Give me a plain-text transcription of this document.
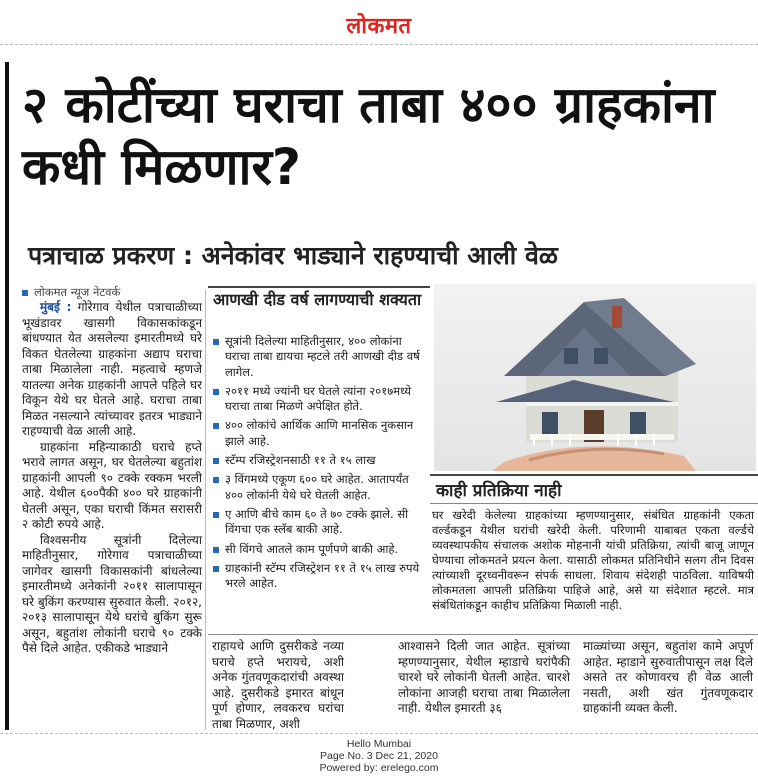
लोकमत
२ कोटींच्या घराचा ताबा ४०० ग्राहकांना कधी मिळणार?
पत्राचाळ प्रकरण : अनेकांवर भाड्याने राहण्याची आली वेळ
लोकमत न्यूज नेटवर्क

मुंबई : गोरेगाव येथील पत्राचाळीच्या भूखंडावर खासगी विकासकांकडून बांधण्यात येत असलेल्या इमारतीमध्ये घरे विकत घेतलेल्या ग्राहकांना अद्याप घराचा ताबा मिळालेला नाही. महत्वाचे म्हणजे यातल्या अनेक ग्राहकांनी आपले पहिले घर विकून येथे घर घेतले आहे. घराचा ताबा मिळत नसल्याने त्यांच्यावर इतरत्र भाड्याने राहण्याची वेळ आली आहे.

ग्राहकांना महिन्याकाठी घराचे हप्ते भरावे लागत असून, घर घेतलेल्या बहुतांश ग्राहकांनी आपली ९० टक्के रक्कम भरली आहे. येथील ६००पैकी ४०० घरे ग्राहकांनी घेतली असून, एका घराची किंमत सरासरी २ कोटी रुपये आहे.

विश्वसनीय सूत्रांनी दिलेल्या माहितीनुसार, गोरेगाव पत्राचाळीच्या जागेवर खासगी विकासकांनी बांधलेल्या इमारतीमध्ये अनेकांनी २०११ सालापासून घरे बुकिंग करण्यास सुरुवात केली. २०१२, २०१३ सालापासून येथे घरांचे बुकिंग सुरू असून, बहुतांश लोकांनी घराचे ९० टक्के पैसे दिले आहेत. एकीकडे भाड्याने

आणखी दीड वर्ष लागण्याची शक्यता
सूत्रांनी दिलेल्या माहितीनुसार, ४०० लोकांना घराचा ताबा द्यायचा म्हटले तरी आणखी दीड वर्ष लागेल.
२०११ मध्ये ज्यांनी घर घेतले त्यांना २०१७मध्ये घराचा ताबा मिळणे अपेक्षित होते.
४०० लोकांचे आर्थिक आणि मानसिक नुकसान झाले आहे.
स्टॅम्प रजिस्ट्रेशनसाठी ११ ते १५ लाख
३ विंगमध्ये एकूण ६०० घरे आहेत. आतापर्यंत ४०० लोकांनी येथे घरे घेतली आहेत.
ए आणि बीचे काम ६० ते ७० टक्के झाले. सी विंगचा एक स्लॅब बाकी आहे.
सी विंगचे आतले काम पूर्णपणे बाकी आहे.
ग्राहकांनी स्टॅम्प रजिस्ट्रेशन ११ ते १५ लाख रुपये भरले आहेत.
काही प्रतिक्रिया नाही
घर खरेदी केलेल्या ग्राहकांच्या म्हणण्यानुसार, संबंधित ग्राहकांनी एकता वर्ल्डकडून येथील घरांची खरेदी केली. परिणामी याबाबत एकता वर्ल्डचे व्यवस्थापकीय संचालक अशोक मोहनानी यांची प्रतिक्रिया, त्यांची बाजू जाणून घेण्याचा लोकमतने प्रयत्न केला. यासाठी लोकमत प्रतिनिधीने सलग तीन दिवस त्यांच्याशी दूरध्वनीवरून संपर्क साधला. शिवाय संदेशही पाठविला. याविषयी लोकमतला आपली प्रतिक्रिया पाहिजे आहे, असे या संदेशात म्हटले. मात्र संबंधितांकडून काहीच प्रतिक्रिया मिळाली नाही.
राहायचे आणि दुसरीकडे नव्या घराचे हप्ते भरायचे, अशी अनेक गुंतवणूकदारांची अवस्था आहे. दुसरीकडे इमारत बांधून पूर्ण होणार, लवकरच घरांचा ताबा मिळणार, अशी
आश्वासने दिली जात आहेत. सूत्रांच्या म्हणण्यानुसार, येथील म्हाडाचे घरांपैकी चारशे घरे लोकांनी घेतली आहेत. चारशे लोकांना आजही घराचा ताबा मिळालेला नाही. येथील इमारती ३६
माळ्यांच्या असून, बहुतांश कामे अपूर्ण आहेत. म्हाडाने सुरुवातीपासून लक्ष दिले असते तर कोणावरच ही वेळ आली नसती, अशी खंत गुंतवणूकदार ग्राहकांनी व्यक्त केली.
Hello Mumbai
Page No. 3 Dec 21, 2020
Powered by: erelego.com
